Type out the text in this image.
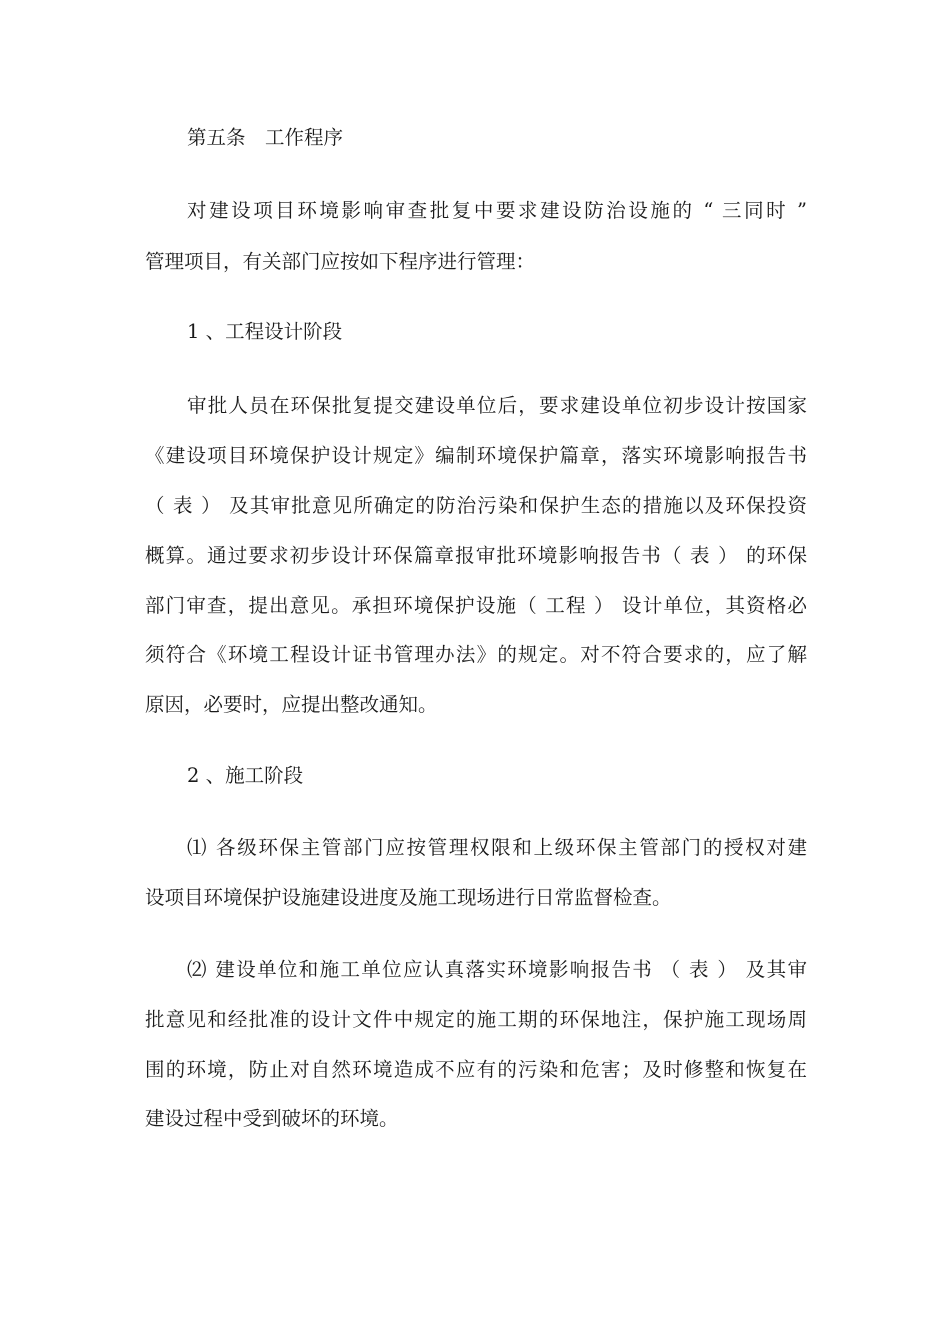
第五条　工作程序
对建设项目环境影响审查批复中要求建设防治设施的 “ 三同时 ”
管理项目，有关部门应按如下程序进行管理：
1 、工程设计阶段
审批人员在环保批复提交建设单位后，要求建设单位初步设计按国家
《建设项目环境保护设计规定》编制环境保护篇章，落实环境影响报告书
（ 表 ） 及其审批意见所确定的防治污染和保护生态的措施以及环保投资
概算。通过要求初步设计环保篇章报审批环境影响报告书（ 表 ） 的环保
部门审查，提出意见。承担环境保护设施（ 工程 ） 设计单位，其资格必
须符合《环境工程设计证书管理办法》的规定。对不符合要求的，应了解
原因，必要时，应提出整改通知。
2 、施工阶段
⑴ 各级环保主管部门应按管理权限和上级环保主管部门的授权对建
设项目环境保护设施建设进度及施工现场进行日常监督检查。
⑵ 建设单位和施工单位应认真落实环境影响报告书 （ 表 ） 及其审
批意见和经批准的设计文件中规定的施工期的环保地注，保护施工现场周
围的环境，防止对自然环境造成不应有的污染和危害；及时修整和恢复在
建设过程中受到破坏的环境。
